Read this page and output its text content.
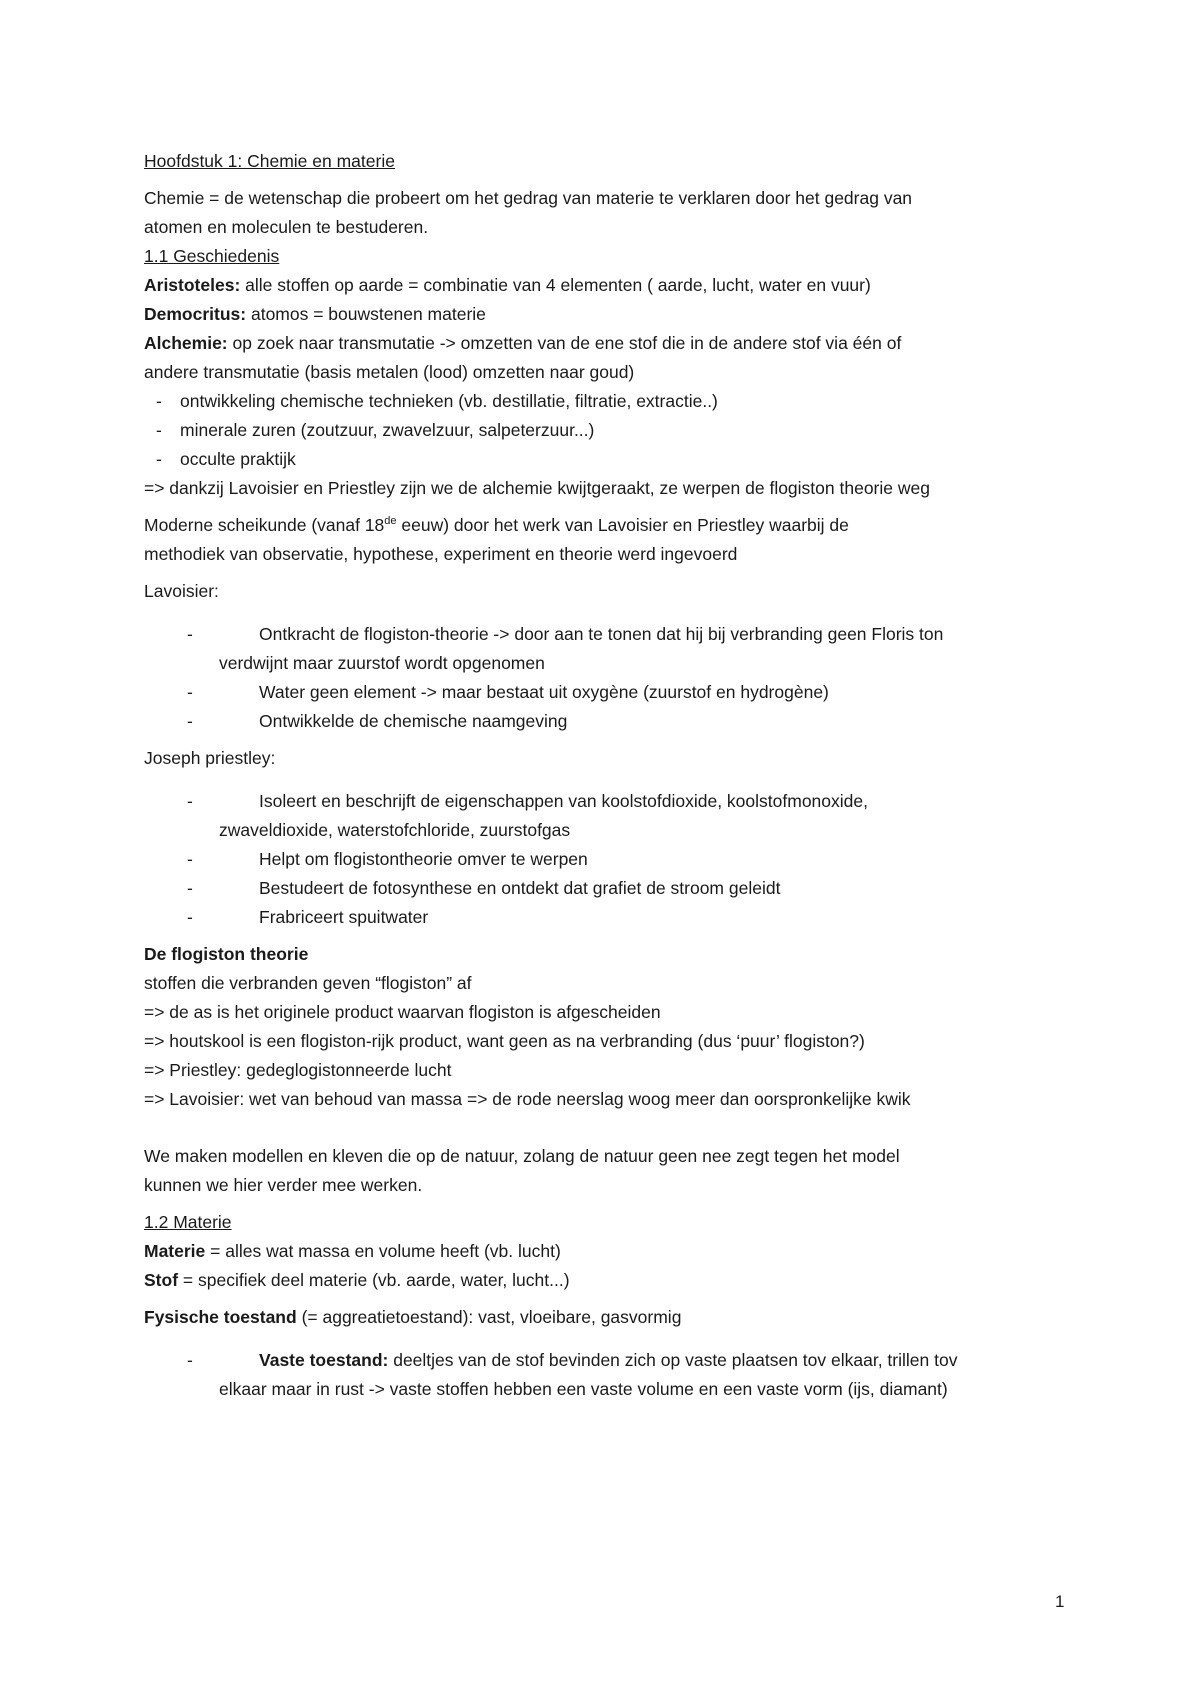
Hoofdstuk 1: Chemie en materie
Chemie = de wetenschap die probeert om het gedrag van materie te verklaren door het gedrag van
atomen en moleculen te bestuderen.
1.1 Geschiedenis
Aristoteles: alle stoffen op aarde = combinatie van 4 elementen ( aarde, lucht, water en vuur)
Democritus: atomos = bouwstenen materie
Alchemie: op zoek naar transmutatie -> omzetten van de ene stof die in de andere stof via één of
andere transmutatie (basis metalen (lood) omzetten naar goud)
-	ontwikkeling chemische technieken (vb. destillatie, filtratie, extractie..)
-	minerale zuren (zoutzuur, zwavelzuur, salpeterzuur...)
-	occulte praktijk
=> dankzij Lavoisier en Priestley zijn we de alchemie kwijtgeraakt, ze werpen de flogiston theorie weg
Moderne scheikunde (vanaf 18de eeuw) door het werk van Lavoisier en Priestley waarbij de
methodiek van observatie, hypothese, experiment en theorie werd ingevoerd
Lavoisier:
-	Ontkracht de flogiston-theorie -> door aan te tonen dat hij bij verbranding geen Floris ton
verdwijnt maar zuurstof wordt opgenomen
-	Water geen element -> maar bestaat uit oxygène (zuurstof en hydrogène)
-	Ontwikkelde de chemische naamgeving
Joseph priestley:
-	Isoleert en beschrijft de eigenschappen van koolstofdioxide, koolstofmonoxide,
zwaveldioxide, waterstofchloride, zuurstofgas
-	Helpt om flogistontheorie omver te werpen
-	Bestudeert de fotosynthese en ontdekt dat grafiet de stroom geleidt
-	Frabriceert spuitwater
De flogiston theorie
stoffen die verbranden geven “flogiston” af
=> de as is het originele product waarvan flogiston is afgescheiden
=> houtskool is een flogiston-rijk product, want geen as na verbranding (dus ‘puur’ flogiston?)
=> Priestley: gedeglogistonneerde lucht
=> Lavoisier: wet van behoud van massa => de rode neerslag woog meer dan oorspronkelijke kwik
We maken modellen en kleven die op de natuur, zolang de natuur geen nee zegt tegen het model
kunnen we hier verder mee werken.
1.2 Materie
Materie = alles wat massa en volume heeft (vb. lucht)
Stof = specifiek deel materie (vb. aarde, water, lucht...)
Fysische toestand (= aggreatietoestand): vast, vloeibare, gasvormig
-	Vaste toestand: deeltjes van de stof bevinden zich op vaste plaatsen tov elkaar, trillen tov
elkaar maar in rust -> vaste stoffen hebben een vaste volume en een vaste vorm (ijs, diamant)
1
